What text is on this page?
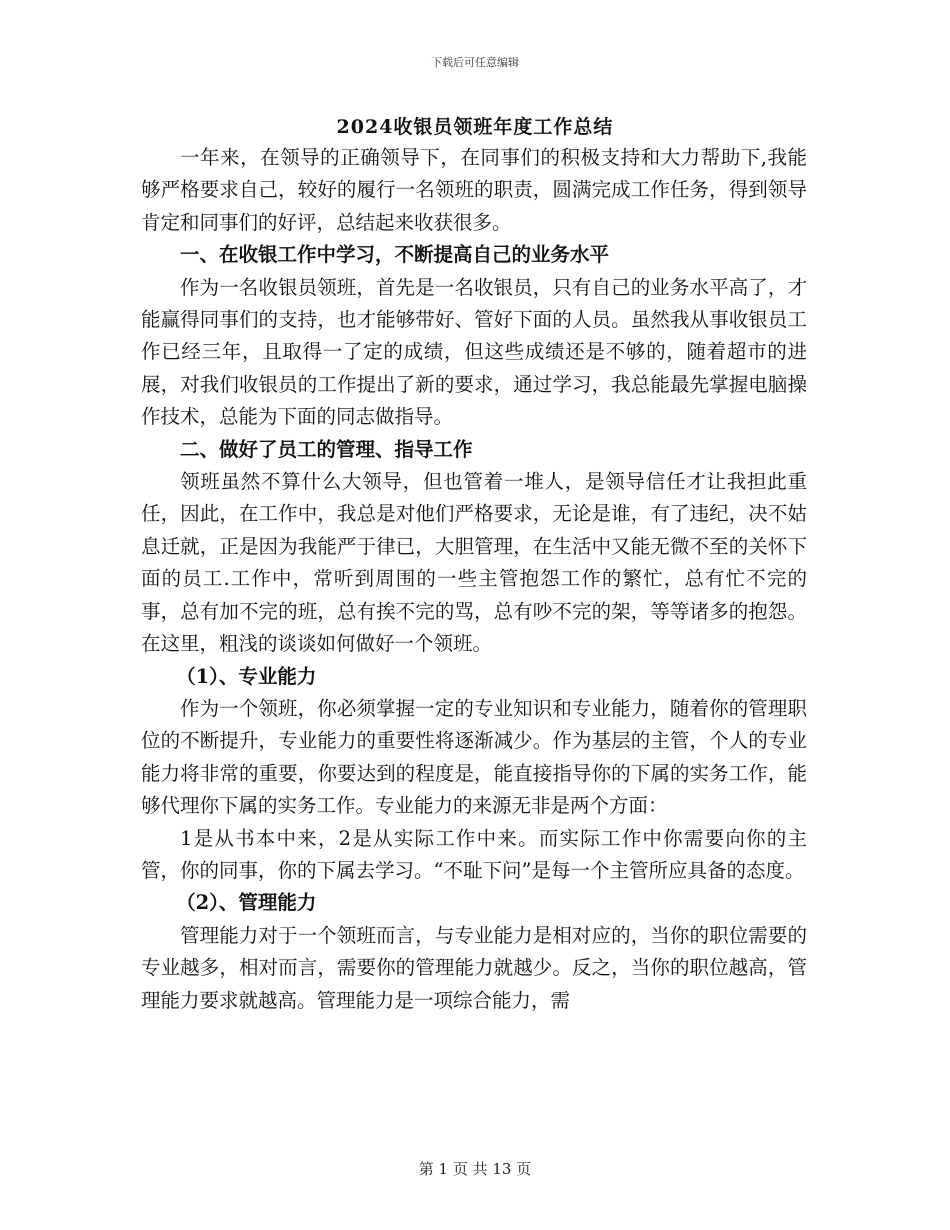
下载后可任意编辑
2024收银员领班年度工作总结

一年来，在领导的正确领导下，在同事们的积极支持和大力帮助下,我能够严格要求自己，较好的履行一名领班的职责，圆满完成工作任务，得到领导肯定和同事们的好评，总结起来收获很多。

一、在收银工作中学习，不断提高自己的业务水平

作为一名收银员领班，首先是一名收银员，只有自己的业务水平高了，才能赢得同事们的支持，也才能够带好、管好下面的人员。虽然我从事收银员工作已经三年，且取得一了定的成绩，但这些成绩还是不够的，随着超市的进展，对我们收银员的工作提出了新的要求，通过学习，我总能最先掌握电脑操作技术，总能为下面的同志做指导。

二、做好了员工的管理、指导工作

领班虽然不算什么大领导，但也管着一堆人，是领导信任才让我担此重任，因此，在工作中，我总是对他们严格要求，无论是谁，有了违纪，决不姑息迁就，正是因为我能严于律已，大胆管理，在生活中又能无微不至的关怀下面的员工.工作中，常听到周围的一些主管抱怨工作的繁忙，总有忙不完的事，总有加不完的班，总有挨不完的骂，总有吵不完的架，等等诸多的抱怨。在这里，粗浅的谈谈如何做好一个领班。

（1）、专业能力

作为一个领班，你必须掌握一定的专业知识和专业能力，随着你的管理职位的不断提升，专业能力的重要性将逐渐减少。作为基层的主管，个人的专业能力将非常的重要，你要达到的程度是，能直接指导你的下属的实务工作，能够代理你下属的实务工作。专业能力的来源无非是两个方面：

1是从书本中来，2是从实际工作中来。而实际工作中你需要向你的主管，你的同事，你的下属去学习。“不耻下问”是每一个主管所应具备的态度。

（2）、管理能力

管理能力对于一个领班而言，与专业能力是相对应的，当你的职位需要的专业越多，相对而言，需要你的管理能力就越少。反之，当你的职位越高，管理能力要求就越高。管理能力是一项综合能力，需

第 1 页 共 13 页
